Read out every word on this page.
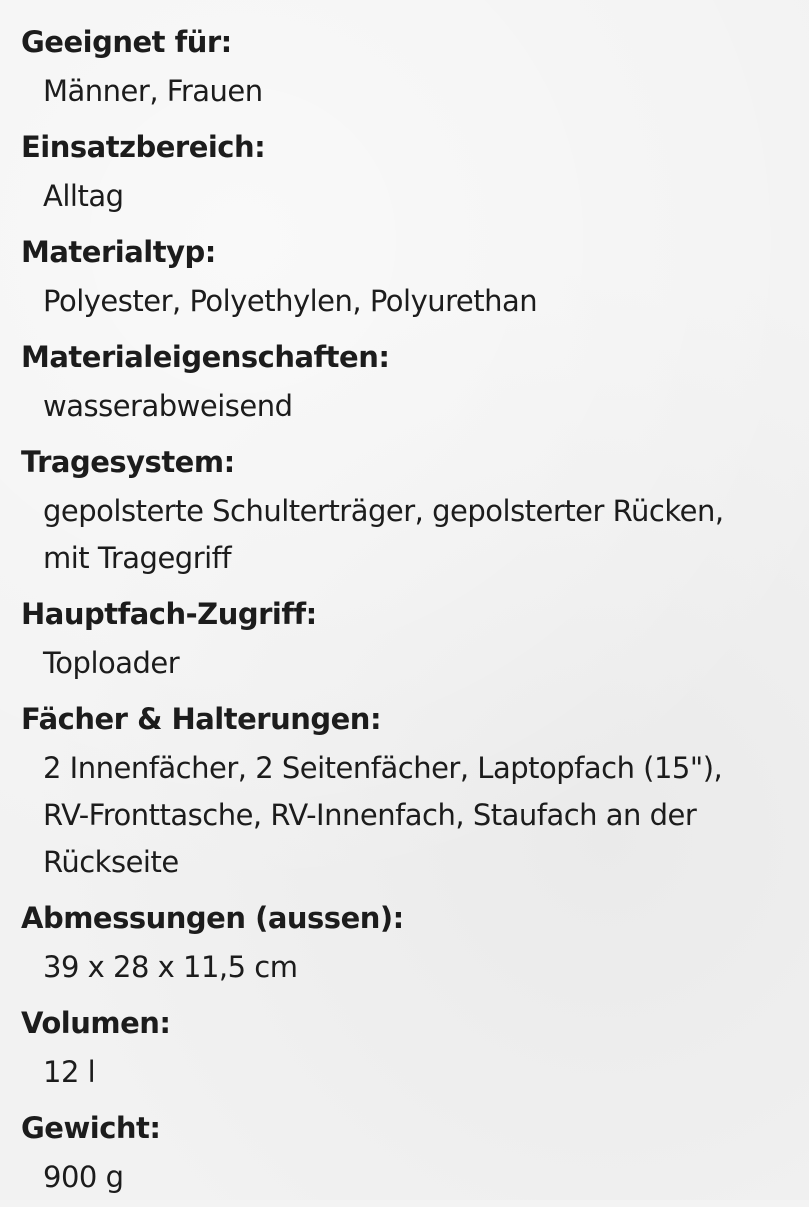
Geeignet für:
Männer, Frauen
Einsatzbereich:
Alltag
Materialtyp:
Polyester, Polyethylen, Polyurethan
Materialeigenschaften:
wasserabweisend
Tragesystem:
gepolsterte Schulterträger, gepolsterter Rücken,
mit Tragegriff
Hauptfach-Zugriff:
Toploader
Fächer & Halterungen:
2 Innenfächer, 2 Seitenfächer, Laptopfach (15"),
RV-Fronttasche, RV-Innenfach, Staufach an der
Rückseite
Abmessungen (aussen):
39 x 28 x 11,5 cm
Volumen:
12 l
Gewicht:
900 g
